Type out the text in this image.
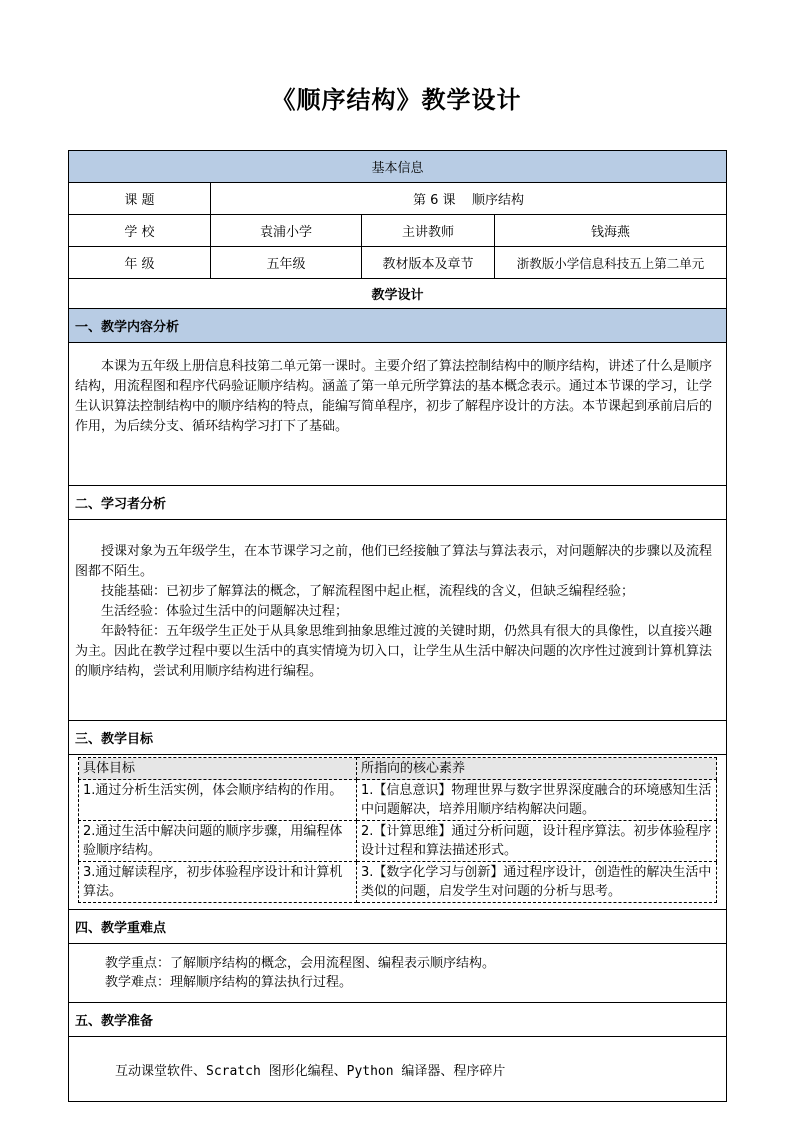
《顺序结构》教学设计
基本信息
课 题	第 6 课    顺序结构
学 校	袁浦小学	主讲教师	钱海燕
年 级	五年级	教材版本及章节	浙教版小学信息科技五上第二单元
教学设计
一、教学内容分析

本课为五年级上册信息科技第二单元第一课时。主要介绍了算法控制结构中的顺序结构，讲述了什么是顺序结构，用流程图和程序代码验证顺序结构。涵盖了第一单元所学算法的基本概念表示。通过本节课的学习，让学生认识算法控制结构中的顺序结构的特点，能编写简单程序，初步了解程序设计的方法。本节课起到承前启后的作用，为后续分支、循环结构学习打下了基础。

二、学习者分析

授课对象为五年级学生，在本节课学习之前，他们已经接触了算法与算法表示，对问题解决的步骤以及流程图都不陌生。

技能基础：已初步了解算法的概念，了解流程图中起止框，流程线的含义，但缺乏编程经验；

生活经验：体验过生活中的问题解决过程；

年龄特征：五年级学生正处于从具象思维到抽象思维过渡的关键时期，仍然具有很大的具像性，以直接兴趣为主。因此在教学过程中要以生活中的真实情境为切入口，让学生从生活中解决问题的次序性过渡到计算机算法的顺序结构，尝试利用顺序结构进行编程。

三、教学目标

具体目标	所指向的核心素养
1.通过分析生活实例，体会顺序结构的作用。	1.【信息意识】物理世界与数字世界深度融合的环境感知生活中问题解决，培养用顺序结构解决问题。
2.通过生活中解决问题的顺序步骤，用编程体验顺序结构。	2.【计算思维】通过分析问题，设计程序算法。初步体验程序设计过程和算法描述形式。
3.通过解读程序，初步体验程序设计和计算机算法。	3.【数字化学习与创新】通过程序设计，创造性的解决生活中类似的问题，启发学生对问题的分析与思考。

四、教学重难点

教学重点：了解顺序结构的概念，会用流程图、编程表示顺序结构。

教学难点：理解顺序结构的算法执行过程。

五、教学准备
互动课堂软件、Scratch 图形化编程、Python 编译器、程序碎片
